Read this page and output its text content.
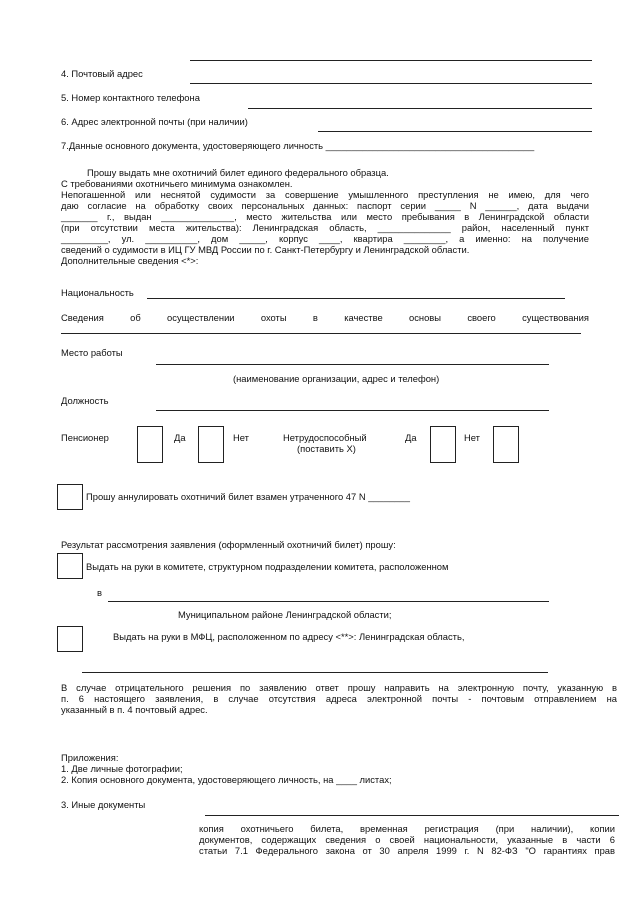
4. Почтовый адрес
5. Номер контактного телефона
6. Адрес электронной почты (при наличии)
7.Данные основного документа, удостоверяющего личность ________________________________________
Прошу выдать мне охотничий билет единого федерального образца.
С требованиями охотничьего минимума ознакомлен.
Непогашенной или неснятой судимости за совершение умышленного преступления не имею, для чего
даю согласие на обработку своих персональных данных: паспорт серии _____ N ______, дата выдачи
_______ г., выдан ______________, место жительства или место пребывания в Ленинградской области
(при отсутствии места жительства): Ленинградская область, ______________ район, населенный пункт
_________, ул. __________, дом _____, корпус ____, квартира ________, а именно: на получение
сведений о судимости в ИЦ ГУ МВД России по г. Санкт-Петербургу и Ленинградской области.
Дополнительные сведения <*>:
Национальность
Сведения	об	осуществлении	охоты	в	качестве	основы	своего	существования
Место работы
(наименование организации, адрес и телефон)
Должность
Пенсионер	Да	Нет	Нетрудоспособный
(поставить X)
Да	Нет
Прошу аннулировать охотничий билет взамен утраченного 47 N ________
Результат рассмотрения заявления (оформленный охотничий билет) прошу:
Выдать на руки в комитете, структурном подразделении комитета, расположенном
в
Муниципальном районе Ленинградской области;
Выдать на руки в МФЦ, расположенном по адресу <**>: Ленинградская область,
В случае отрицательного решения по заявлению ответ прошу направить на электронную почту, указанную в
п. 6 настоящего заявления, в случае отсутствия адреса электронной почты - почтовым отправлением на
указанный в п. 4 почтовый адрес.
Приложения:
1. Две личные фотографии;
2. Копия основного документа, удостоверяющего личность, на ____ листах;
3. Иные документы
копия охотничьего билета, временная регистрация (при наличии), копии
документов, содержащих сведения о своей национальности, указанные в части 6
статьи 7.1 Федерального закона от 30 апреля 1999 г. N 82-ФЗ "О гарантиях прав
